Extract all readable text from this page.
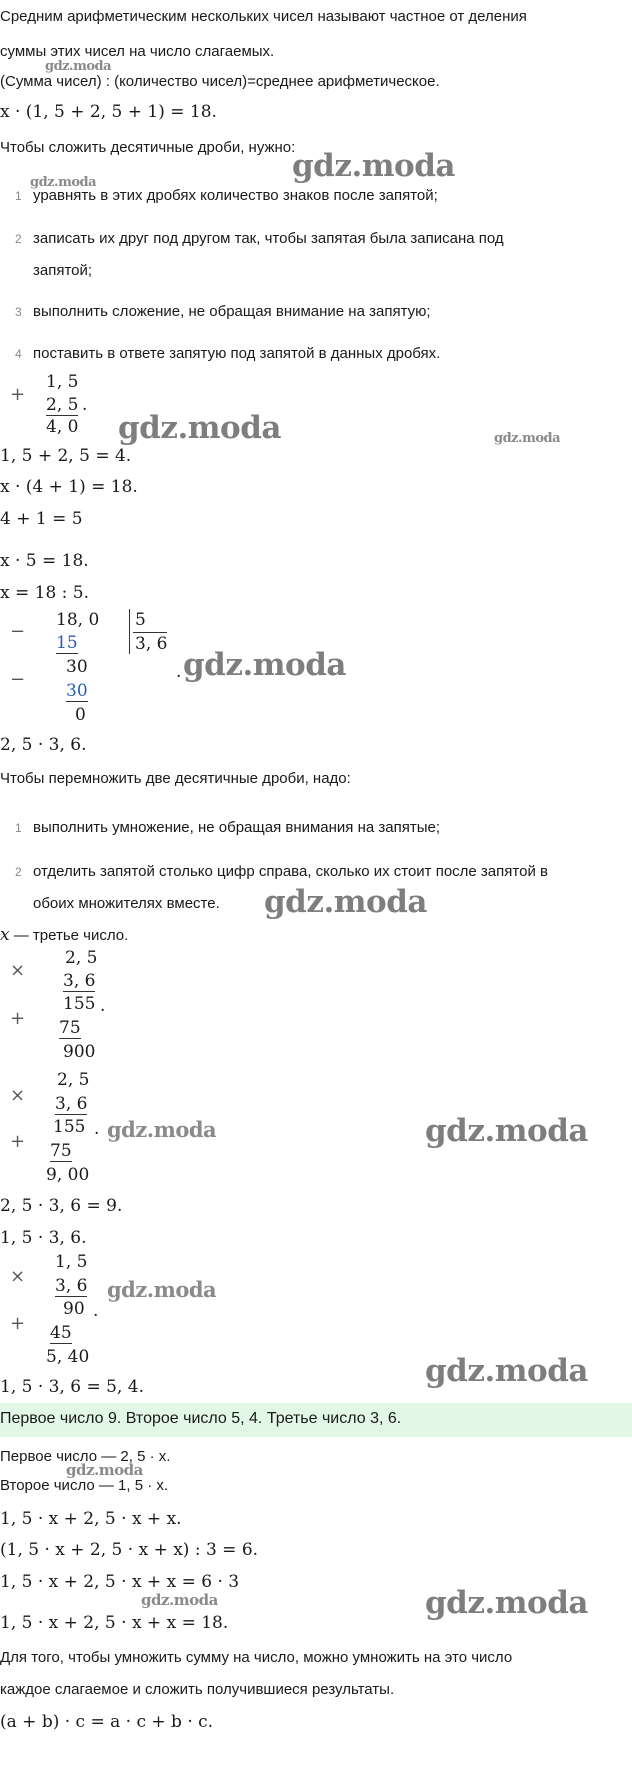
Средним арифметическим нескольких чисел называют частное от деления
суммы этих чисел на число слагаемых.
gdz.moda
(Сумма чисел) : (количество чисел)=среднее арифметическое.
x · (1, 5 + 2, 5 + 1) = 18.
Чтобы сложить десятичные дроби, нужно:
gdz.moda
gdz.moda
1 уравнять в этих дробях количество знаков после запятой;
2 записать их друг под другом так, чтобы запятая была записана под
запятой;
3 выполнить сложение, не обращая внимание на запятую;
4 поставить в ответе запятую под запятой в данных дробях.
+
1, 5
2, 5 .
4, 0 gdz.moda	gdz.moda
1, 5 + 2, 5 = 4.
x · (4 + 1) = 18.
4 + 1 = 5
x · 5 = 18.
x = 18 : 5.
−
18, 0 5
3, 6
15
−
30
30
0
. gdz.moda
2, 5 · 3, 6.
Чтобы перемножить две десятичные дроби, надо:
1 выполнить умножение, не обращая внимания на запятые;
2 отделить запятой столько цифр справа, сколько их стоит после запятой в
обоих множителях вместе. gdz.moda
x — третье число.
×
2, 5
3, 6
155 .
+ 75
900
×
2, 5
3, 6
155 .
+ 75
9, 00
gdz.moda	gdz.moda
2, 5 · 3, 6 = 9.
1, 5 · 3, 6.
×
1, 5
3, 6
90 .
+ 45
5, 40
gdz.moda
gdz.moda
1, 5 · 3, 6 = 5, 4.
Первое число 9. Второе число 5, 4. Третье число 3, 6.
Первое число — 2, 5 · x.
gdz.moda
Второе число — 1, 5 · x.
1, 5 · x + 2, 5 · x + x.
(1, 5 · x + 2, 5 · x + x) : 3 = 6.
1, 5 · x + 2, 5 · x + x = 6 · 3
gdz.moda	gdz.moda
1, 5 · x + 2, 5 · x + x = 18.
Для того, чтобы умножить сумму на число, можно умножить на это число
каждое слагаемое и сложить получившиеся результаты.
(a + b) · c = a · c + b · c.
